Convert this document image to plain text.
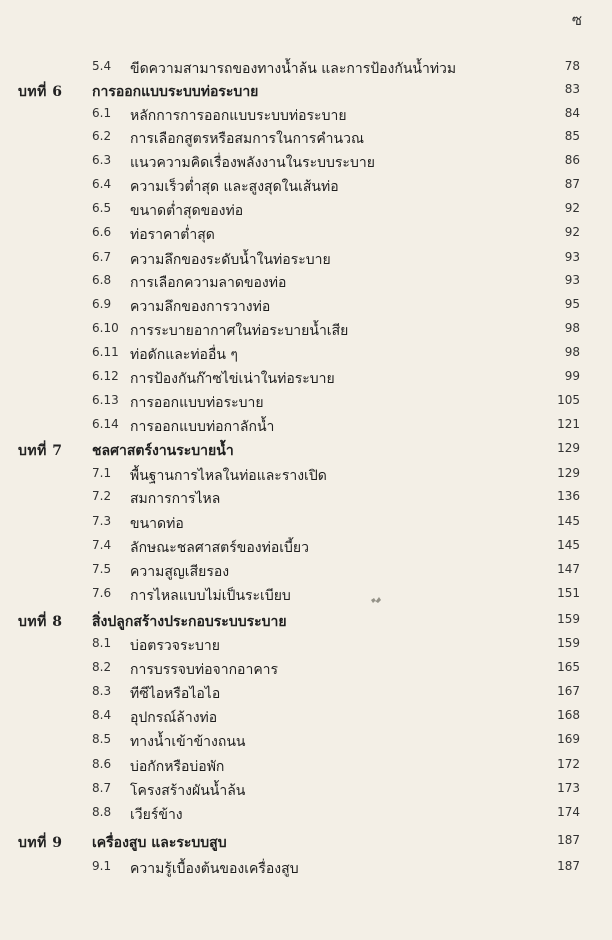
ซ
5.4 ขีดความสามารถของทางน้ำล้น และการป้องกันน้ำท่วม	78
บทที่ 6 การออกแบบระบบท่อระบาย	83
6.1 หลักการการออกแบบระบบท่อระบาย	84
6.2 การเลือกสูตรหรือสมการในการคำนวณ	85
6.3 แนวความคิดเรื่องพลังงานในระบบระบาย	86
6.4 ความเร็วต่ำสุด และสูงสุดในเส้นท่อ	87
6.5 ขนาดต่ำสุดของท่อ	92
6.6 ท่อราคาต่ำสุด	92
6.7 ความลึกของระดับน้ำในท่อระบาย	93
6.8 การเลือกความลาดของท่อ	93
6.9 ความลึกของการวางท่อ	95
6.10 การระบายอากาศในท่อระบายน้ำเสีย	98
6.11 ท่อดักและท่ออื่น ๆ	98
6.12 การป้องกันก๊าซไข่เน่าในท่อระบาย	99
6.13 การออกแบบท่อระบาย	105
6.14 การออกแบบท่อกาลักน้ำ	121
บทที่ 7 ชลศาสตร์งานระบายน้ำ	129
7.1 พื้นฐานการไหลในท่อและรางเปิด	129
7.2 สมการการไหล	136
7.3 ขนาดท่อ	145
7.4 ลักษณะชลศาสตร์ของท่อเบี้ยว	145
7.5 ความสูญเสียรอง	147
7.6 การไหลแบบไม่เป็นระเบียบ	151
บทที่ 8 สิ่งปลูกสร้างประกอบระบบระบาย	159
8.1 บ่อตรวจระบาย	159
8.2 การบรรจบท่อจากอาคาร	165
8.3 ทีซีไอหรือไอไอ	167
8.4 อุปกรณ์ล้างท่อ	168
8.5 ทางน้ำเข้าข้างถนน	169
8.6 บ่อกักหรือบ่อพัก	172
8.7 โครงสร้างผันน้ำล้น	173
8.8 เวียร์ข้าง	174
บทที่ 9 เครื่องสูบ และระบบสูบ	187
9.1 ความรู้เบื้องต้นของเครื่องสูบ	187
